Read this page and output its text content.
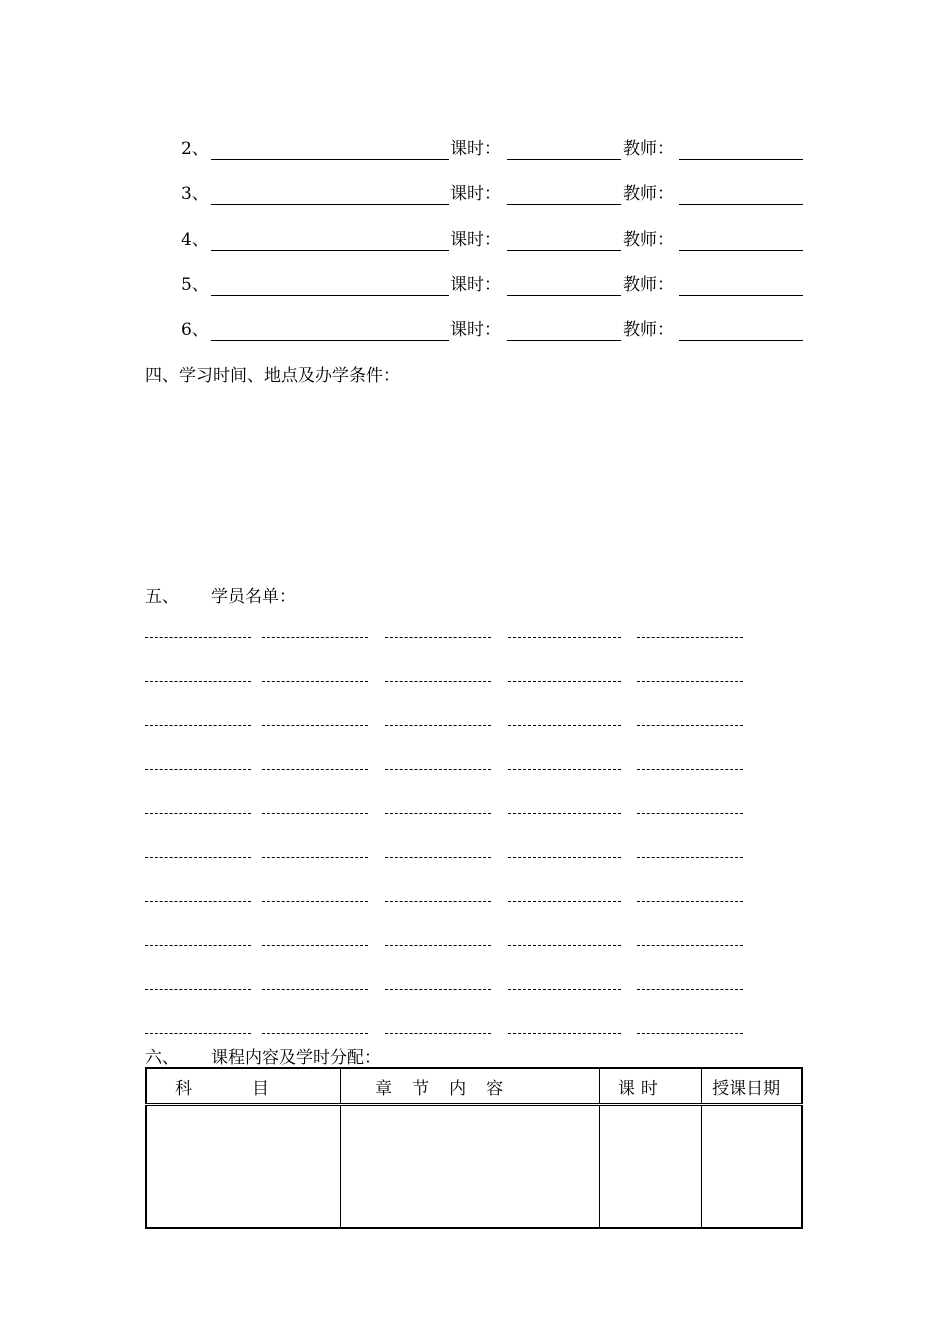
2、	课时：	教师：
3、	课时：	教师：
4、	课时：	教师：
5、	课时：	教师：
6、	课时：	教师：
四、学习时间、地点及办学条件：
五、 学员名单：
六、 课程内容及学时分配：
科目	章节内容	课时	授课日期
